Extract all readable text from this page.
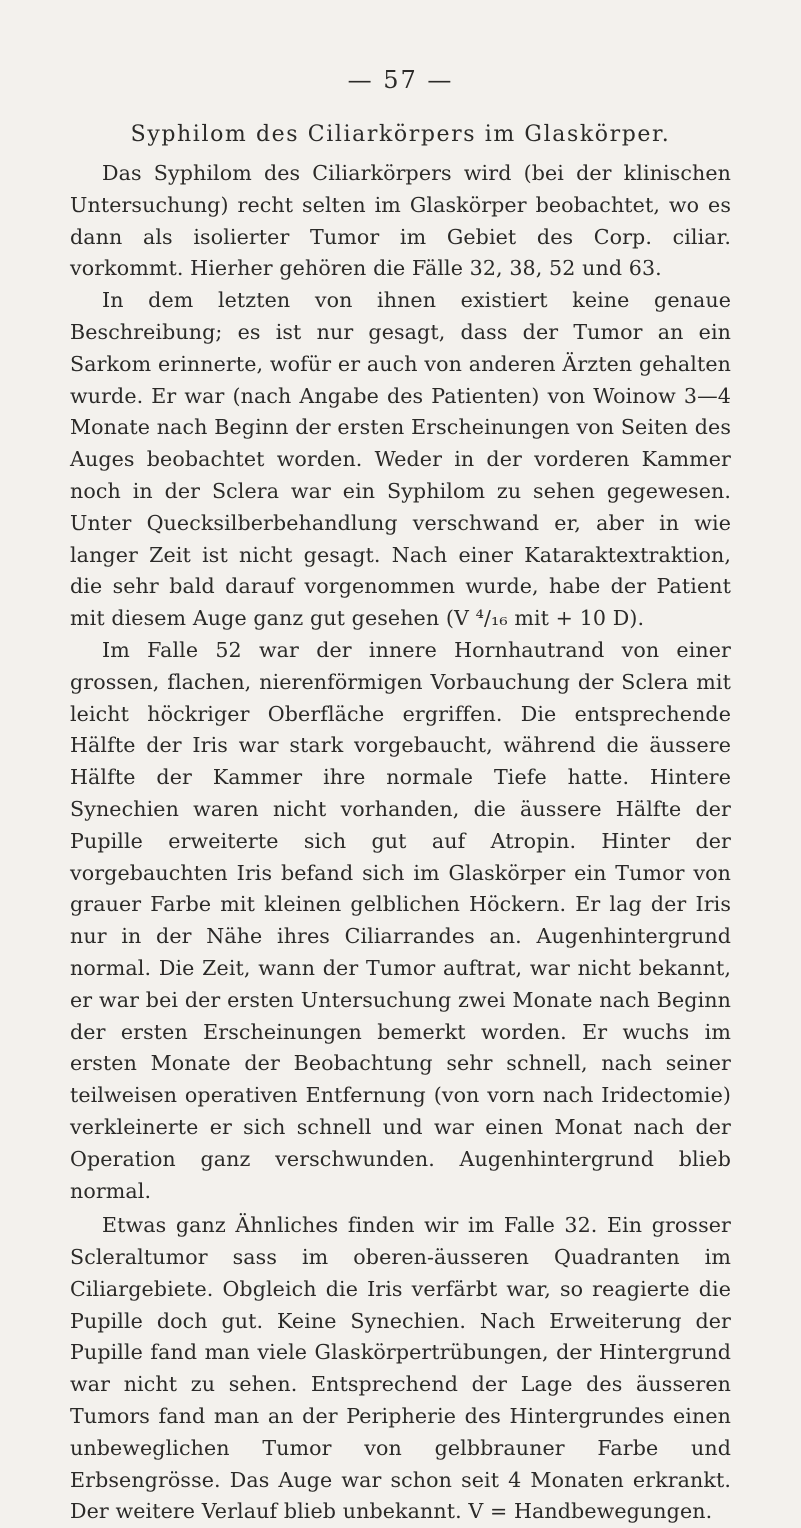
— 57 —
Syphilom des Ciliarkörpers im Glaskörper.

Das Syphilom des Ciliarkörpers wird (bei der klinischen Untersuchung) recht selten im Glaskörper beobachtet, wo es dann als isolierter Tumor im Gebiet des Corp. ciliar. vorkommt. Hierher gehören die Fälle 32, 38, 52 und 63.

In dem letzten von ihnen existiert keine genaue Beschreibung; es ist nur gesagt, dass der Tumor an ein Sarkom erinnerte, wofür er auch von anderen Ärzten gehalten wurde. Er war (nach Angabe des Patienten) von Woinow 3—4 Monate nach Beginn der ersten Erscheinungen von Seiten des Auges beobachtet worden. Weder in der vorderen Kammer noch in der Sclera war ein Syphilom zu sehen gegewesen. Unter Quecksilberbehandlung verschwand er, aber in wie langer Zeit ist nicht gesagt. Nach einer Kataraktextraktion, die sehr bald darauf vorgenommen wurde, habe der Patient mit diesem Auge ganz gut gesehen (V ⁴/₁₆ mit + 10 D).

Im Falle 52 war der innere Hornhautrand von einer grossen, flachen, nierenförmigen Vorbauchung der Sclera mit leicht höckriger Oberfläche ergriffen. Die entsprechende Hälfte der Iris war stark vorgebaucht, während die äussere Hälfte der Kammer ihre normale Tiefe hatte. Hintere Synechien waren nicht vorhanden, die äussere Hälfte der Pupille erweiterte sich gut auf Atropin. Hinter der vorgebauchten Iris befand sich im Glaskörper ein Tumor von grauer Farbe mit kleinen gelblichen Höckern. Er lag der Iris nur in der Nähe ihres Ciliarrandes an. Augenhintergrund normal. Die Zeit, wann der Tumor auftrat, war nicht bekannt, er war bei der ersten Untersuchung zwei Monate nach Beginn der ersten Erscheinungen bemerkt worden. Er wuchs im ersten Monate der Beobachtung sehr schnell, nach seiner teilweisen operativen Entfernung (von vorn nach Iridectomie) verkleinerte er sich schnell und war einen Monat nach der Operation ganz verschwunden. Augenhintergrund blieb normal.

Etwas ganz Ähnliches finden wir im Falle 32. Ein grosser Scleraltumor sass im oberen-äusseren Quadranten im Ciliargebiete. Obgleich die Iris verfärbt war, so reagierte die Pupille doch gut. Keine Synechien. Nach Erweiterung der Pupille fand man viele Glaskörpertrübungen, der Hintergrund war nicht zu sehen. Entsprechend der Lage des äusseren Tumors fand man an der Peripherie des Hintergrundes einen unbeweglichen Tumor von gelbbrauner Farbe und Erbsengrösse. Das Auge war schon seit 4 Monaten erkrankt. Der weitere Verlauf blieb unbekannt. V = Handbewegungen.
